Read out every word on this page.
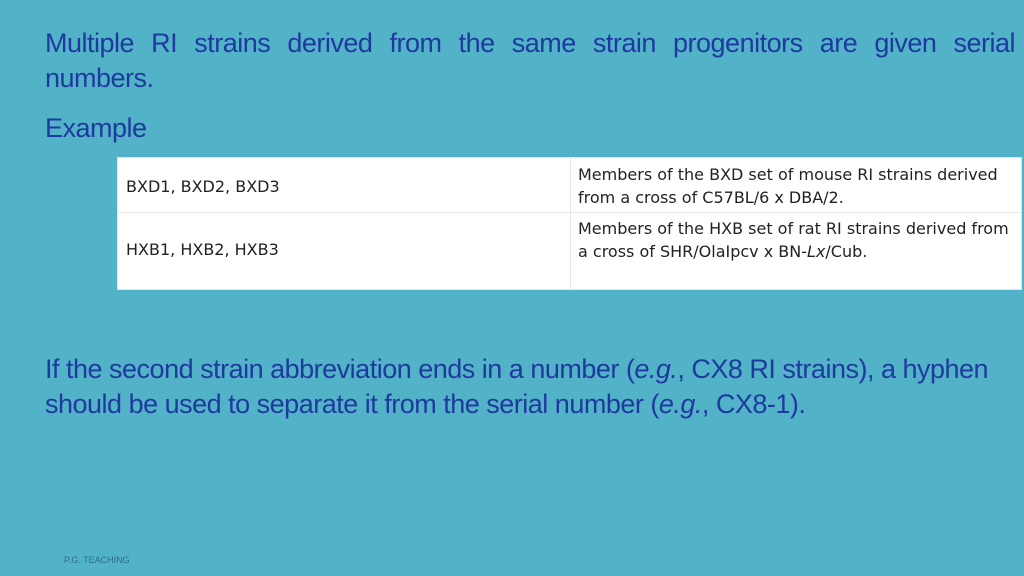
Multiple RI strains derived from the same strain progenitors are given serial numbers.
Example
BXD1, BXD2, BXD3
Members of the BXD set of mouse RI strains derived from a cross of C57BL/6 x DBA/2.
HXB1, HXB2, HXB3
Members of the HXB set of rat RI strains derived from a cross of SHR/OlaIpcv x BN-Lx/Cub.
If the second strain abbreviation ends in a number (e.g., CX8 RI strains), a hyphen should be used to separate it from the serial number (e.g., CX8-1).
P.G. TEACHING
